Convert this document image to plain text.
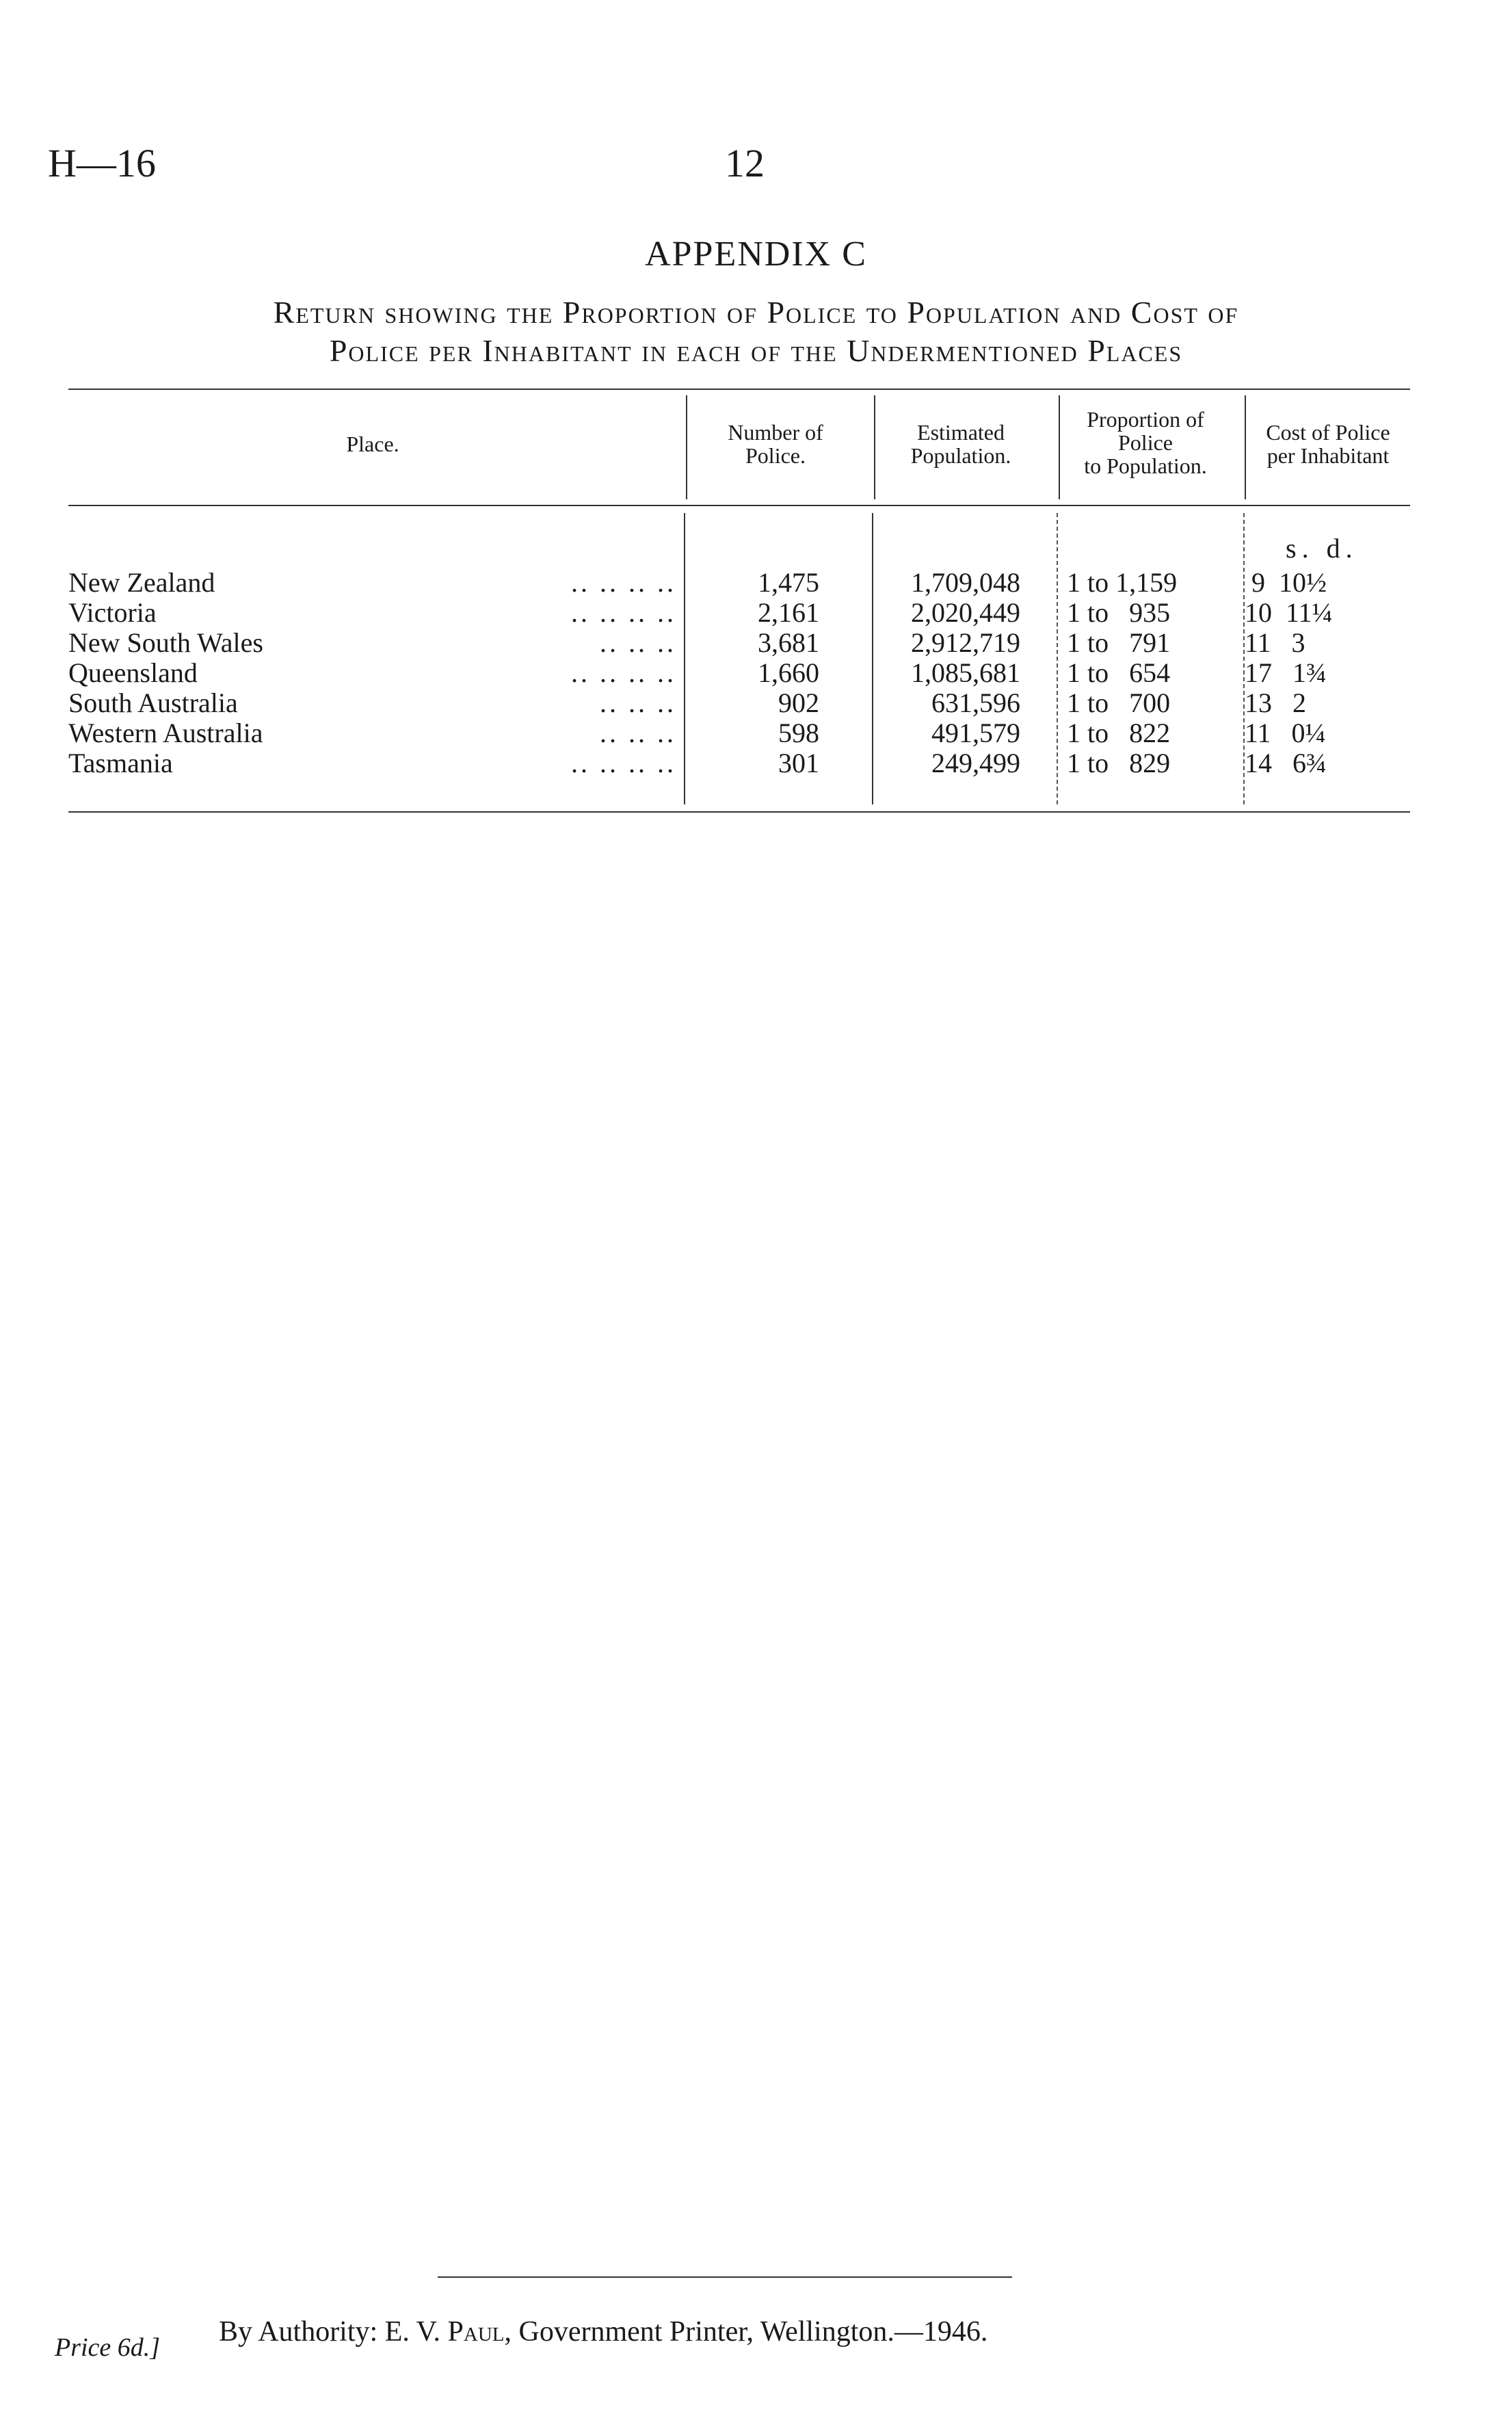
H—16	12
APPENDIX C
Return showing the Proportion of Police to Population and Cost of
Police per Inhabitant in each of the Undermentioned Places
Place.	Number of
Police.
Estimated
Population.
Proportion of
Police
to Population.
Cost of Police
per Inhabitant
s. d.
New Zealand	.. .. .. ..	1,475	1,709,048 1 to 1,159	9  10½
Victoria	.. .. .. ..	2,161	2,020,449 1 to   935	10  11¼
New South Wales	.. .. ..	3,681	2,912,719 1 to   791	11   3
Queensland	.. .. .. ..	1,660	1,085,681 1 to   654	17   1¾
South Australia	.. .. ..	902	631,596 1 to   700	13   2
Western Australia	.. .. ..	598	491,579 1 to   822	11   0¼
Tasmania	.. .. .. ..	301	249,499 1 to   829	14   6¾
By Authority: E. V. Paul, Government Printer, Wellington.—1946.
Price 6d.]
